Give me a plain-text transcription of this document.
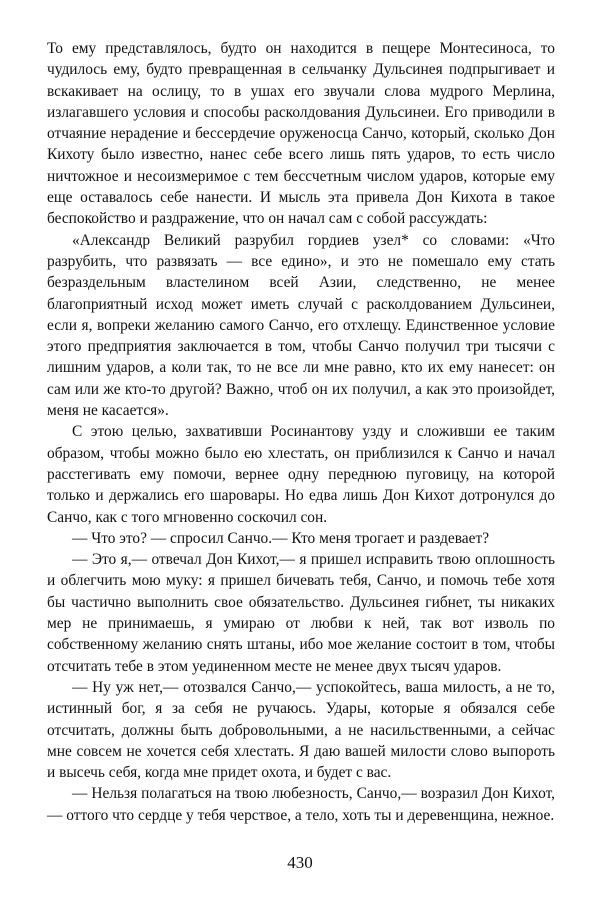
То ему представлялось, будто он находится в пещере Монтесиноса, то чудилось ему, будто превращенная в сельчанку Дульсинея подпрыгивает и вскакивает на ослицу, то в ушах его звучали слова мудрого Мерлина, излагавшего условия и способы расколдования Дульсинеи. Его приводили в отчаяние нерадение и бессердечие оруженосца Санчо, который, сколько Дон Кихоту было известно, нанес себе всего лишь пять ударов, то есть число ничтожное и несоизмеримое с тем бессчетным числом ударов, которые ему еще оставалось себе нанести. И мысль эта привела Дон Кихота в такое беспокойство и раздражение, что он начал сам с собой рассуждать:

«Александр Великий разрубил гордиев узел* со словами: «Что разрубить, что развязать — все едино», и это не помешало ему стать безраздельным властелином всей Азии, следственно, не менее благоприятный исход может иметь случай с расколдованием Дульсинеи, если я, вопреки желанию самого Санчо, его отхлещу. Единственное условие этого предприятия заключается в том, чтобы Санчо получил три тысячи с лишним ударов, а коли так, то не все ли мне равно, кто их ему нанесет: он сам или же кто-то другой? Важно, чтоб он их получил, а как это произойдет, меня не касается».

С этою целью, захвативши Росинантову узду и сложивши ее таким образом, чтобы можно было ею хлестать, он приблизился к Санчо и начал расстегивать ему помочи, вернее одну переднюю пуговицу, на которой только и держались его шаровары. Но едва лишь Дон Кихот дотронулся до Санчо, как с того мгновенно соскочил сон.

— Что это? — спросил Санчо.— Кто меня трогает и раздевает?

— Это я,— отвечал Дон Кихот,— я пришел исправить твою оплошность и облегчить мою муку: я пришел бичевать тебя, Санчо, и помочь тебе хотя бы частично выполнить свое обязательство. Дульсинея гибнет, ты никаких мер не принимаешь, я умираю от любви к ней, так вот изволь по собственному желанию снять штаны, ибо мое желание состоит в том, чтобы отсчитать тебе в этом уединенном месте не менее двух тысяч ударов.

— Ну уж нет,— отозвался Санчо,— успокойтесь, ваша милость, а не то, истинный бог, я за себя не ручаюсь. Удары, которые я обязался себе отсчитать, должны быть добровольными, а не насильственными, а сейчас мне совсем не хочется себя хлестать. Я даю вашей милости слово выпороть и высечь себя, когда мне придет охота, и будет с вас.

— Нельзя полагаться на твою любезность, Санчо,— возразил Дон Кихот,— оттого что сердце у тебя черствое, а тело, хоть ты и деревенщина, нежное.

430
